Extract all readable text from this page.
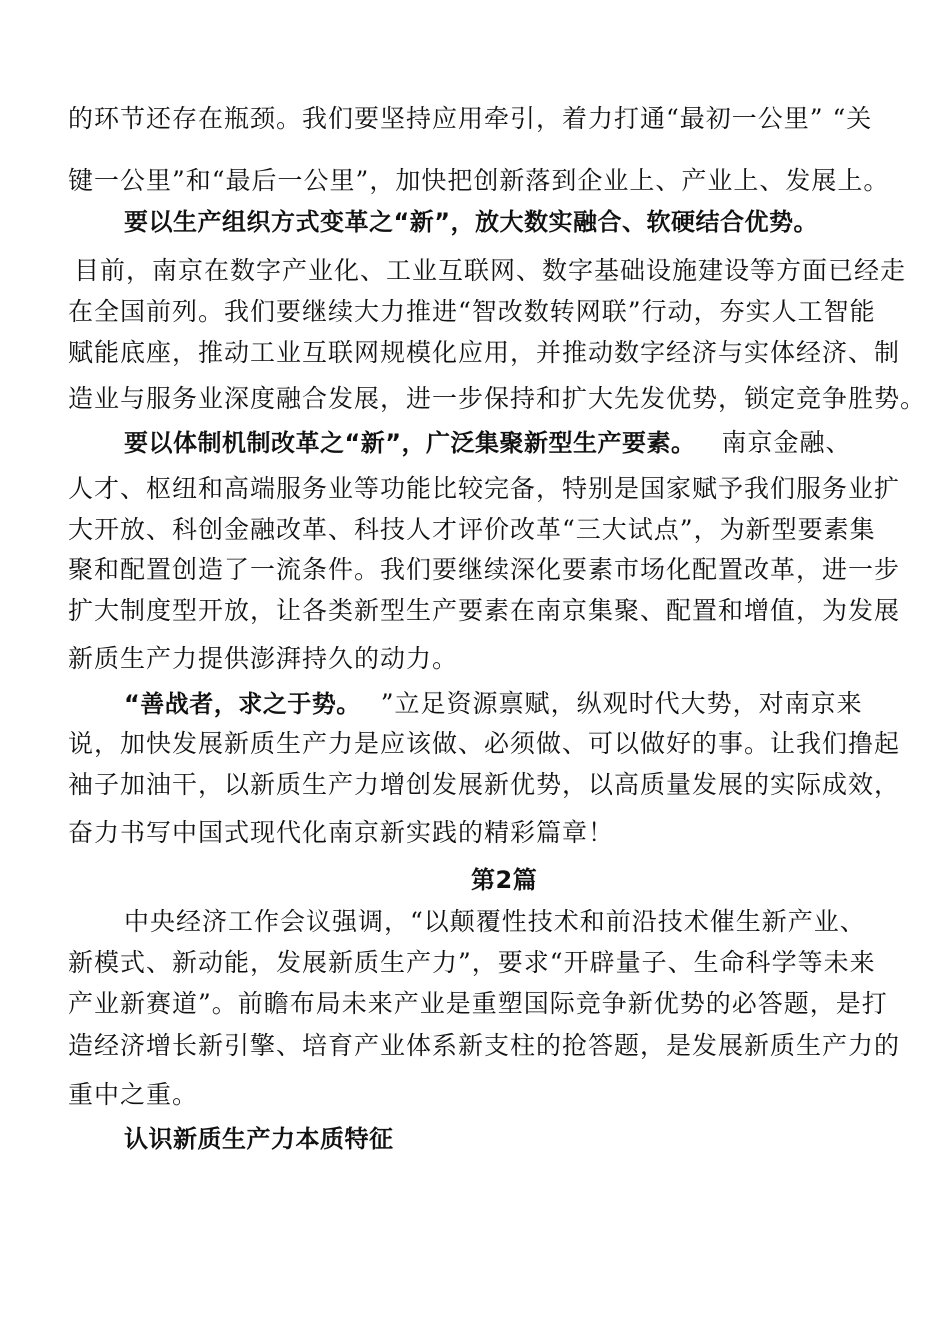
的环节还存在瓶颈。我们要坚持应用牵引，着力打通“最初一公里” “关
键一公里”和“最后一公里”，加快把创新落到企业上、产业上、发展上。
要以生产组织方式变革之“新”，放大数实融合、软硬结合优势。
目前，南京在数字产业化、工业互联网、数字基础设施建设等方面已经走
在全国前列。我们要继续大力推进“智改数转网联”行动，夯实人工智能
赋能底座，推动工业互联网规模化应用，并推动数字经济与实体经济、制
造业与服务业深度融合发展，进一步保持和扩大先发优势，锁定竞争胜势。
要以体制机制改革之“新”，广泛集聚新型生产要素。 南京金融、
人才、枢纽和高端服务业等功能比较完备，特别是国家赋予我们服务业扩
大开放、科创金融改革、科技人才评价改革“三大试点”，为新型要素集
聚和配置创造了一流条件。我们要继续深化要素市场化配置改革，进一步
扩大制度型开放，让各类新型生产要素在南京集聚、配置和增值，为发展
新质生产力提供澎湃持久的动力。
“善战者，求之于势。 ”立足资源禀赋，纵观时代大势，对南京来
说，加快发展新质生产力是应该做、必须做、可以做好的事。让我们撸起
袖子加油干，以新质生产力增创发展新优势，以高质量发展的实际成效，
奋力书写中国式现代化南京新实践的精彩篇章！
第2篇
中央经济工作会议强调，“以颠覆性技术和前沿技术催生新产业、
新模式、新动能，发展新质生产力”，要求“开辟量子、生命科学等未来
产业新赛道”。前瞻布局未来产业是重塑国际竞争新优势的必答题，是打
造经济增长新引擎、培育产业体系新支柱的抢答题，是发展新质生产力的
重中之重。
认识新质生产力本质特征
